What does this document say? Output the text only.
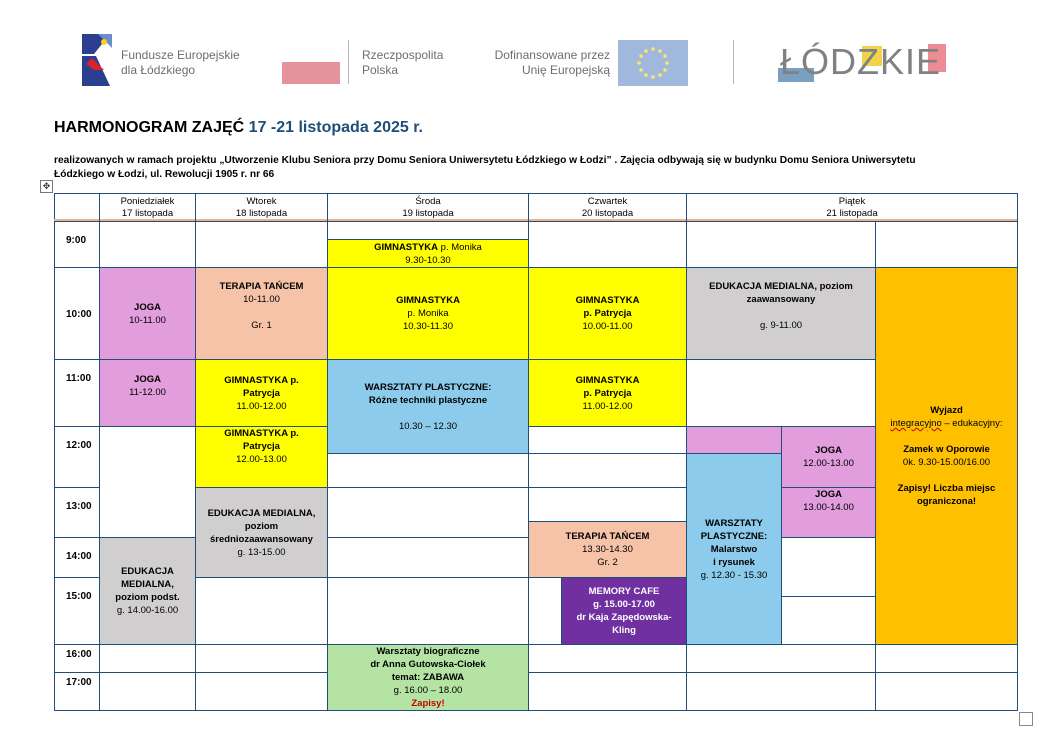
Fundusze Europejskie
dla Łódzkiego
Rzeczpospolita
Polska
Dofinansowane przez
Unię Europejską	ŁÓDZKIE
HARMONOGRAM ZAJĘĆ 17 -21 listopada 2025 r.
realizowanych w ramach projektu „Utworzenie Klubu Seniora przy Domu Seniora Uniwersytetu Łódzkiego w Łodzi” . Zajęcia odbywają się w budynku Domu Seniora Uniwersytetu Łódzkiego w Łodzi, ul. Rewolucji 1905 r. nr 66
✥
Poniedziałek
17 listopada
Wtorek
18 listopada
Środa
19 listopada
Czwartek
20 listopada
Piątek
21 listopada
9:00
10:00
11:00
12:00
13:00
14:00
15:00
16:00
17:00
GIMNASTYKA p. Monika
9.30-10.30
JOGA
10-11.00
TERAPIA TAŃCEM
10-11.00
Gr. 1
GIMNASTYKA
p. Monika
10.30-11.30
GIMNASTYKA
p. Patrycja
10.00-11.00
EDUKACJA MEDIALNA, poziom zaawansowany
g. 9-11.00
Wyjazd
integracyjno – edukacyjny:
Zamek w Oporowie
0k. 9.30-15.00/16.00
Zapisy! Liczba miejsc ograniczona!
JOGA
11-12.00
GIMNASTYKA p. Patrycja
11.00-12.00
WARSZTATY PLASTYCZNE:
Różne techniki plastyczne
10.30 – 12.30
GIMNASTYKA
p. Patrycja
11.00-12.00
GIMNASTYKA p. Patrycja
12.00-13.00
JOGA
12.00-13.00
WARSZTATY PLASTYCZNE:
Malarstwo
i rysunek
g. 12.30 - 15.30
EDUKACJA MEDIALNA, poziom średniozaawansowany
g. 13-15.00
JOGA
13.00-14.00
EDUKACJA MEDIALNA,
poziom podst.
g. 14.00-16.00
TERAPIA TAŃCEM
13.30-14.30
Gr. 2
MEMORY CAFE
g. 15.00-17.00
dr Kaja Zapędowska-Kling
Warsztaty biograficzne
dr Anna Gutowska-Ciołek
temat: ZABAWA
g. 16.00 – 18.00
Zapisy!
